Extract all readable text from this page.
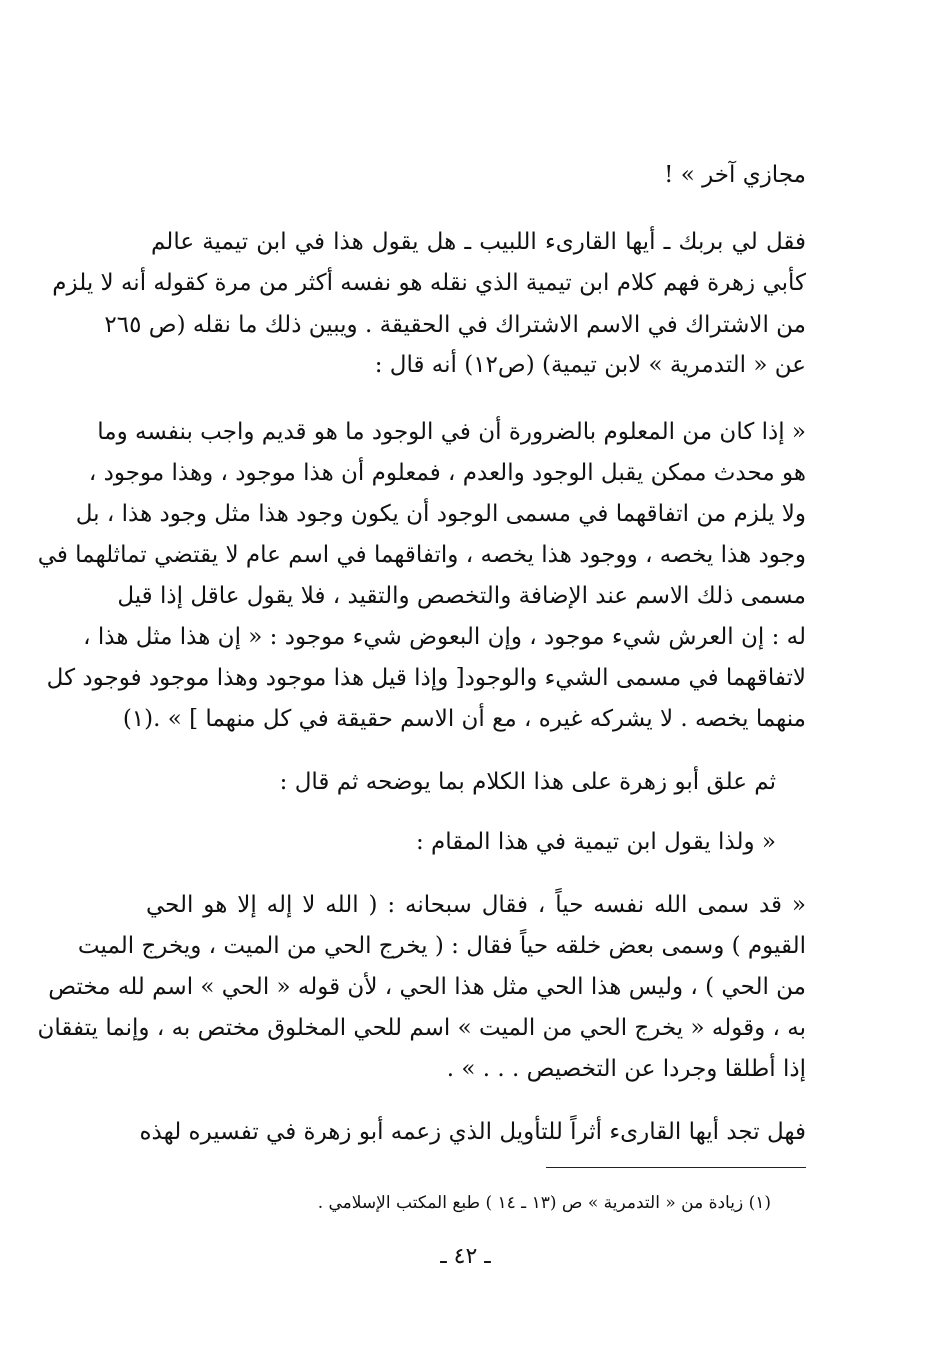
مجازي آخر » !
فقل لي بربك ـ أيها القارىء اللبيب ـ هل يقول هذا في ابن تيمية عالم
كأبي زهرة فهم كلام ابن تيمية الذي نقله هو نفسه أكثر من مرة كقوله أنه لا يلزم
من الاشتراك في الاسم الاشتراك في الحقيقة . ويبين ذلك ما نقله (ص ٢٦٥
عن « التدمرية » لابن تيمية) (ص١٢) أنه قال :
« إذا كان من المعلوم بالضرورة أن في الوجود ما هو قديم واجب بنفسه وما
هو محدث ممكن يقبل الوجود والعدم ، فمعلوم أن هذا موجود ، وهذا موجود ،
ولا يلزم من اتفاقهما في مسمى الوجود أن يكون وجود هذا مثل وجود هذا ، بل
وجود هذا يخصه ، ووجود هذا يخصه ، واتفاقهما في اسم عام لا يقتضي تماثلهما في
مسمى ذلك الاسم عند الإضافة والتخصص والتقيد ، فلا يقول عاقل إذا قيل
له : إن العرش شيء موجود ، وإن البعوض شيء موجود : « إن هذا مثل هذا ،
لاتفاقهما في مسمى الشيء والوجود[ وإذا قيل هذا موجود وهذا موجود فوجود كل
منهما يخصه . لا يشركه غيره ، مع أن الاسم حقيقة في كل منهما ] » .(١)
ثم علق أبو زهرة على هذا الكلام بما يوضحه ثم قال :
« ولذا يقول ابن تيمية في هذا المقام :
« قد سمى الله نفسه حياً ، فقال سبحانه : ( الله لا إله إلا هو الحي
القيوم ) وسمى بعض خلقه حياً فقال : ( يخرج الحي من الميت ، ويخرج الميت
من الحي ) ، وليس هذا الحي مثل هذا الحي ، لأن قوله « الحي » اسم لله مختص
به ، وقوله « يخرج الحي من الميت » اسم للحي المخلوق مختص به ، وإنما يتفقان
إذا أطلقا وجردا عن التخصيص . . . » .
فهل تجد أيها القارىء أثراً للتأويل الذي زعمه أبو زهرة في تفسيره لهذه
(١) زيادة من « التدمرية » ص (١٣ ـ ١٤ ) طبع المكتب الإسلامي .
ـ ٤٢ ـ
